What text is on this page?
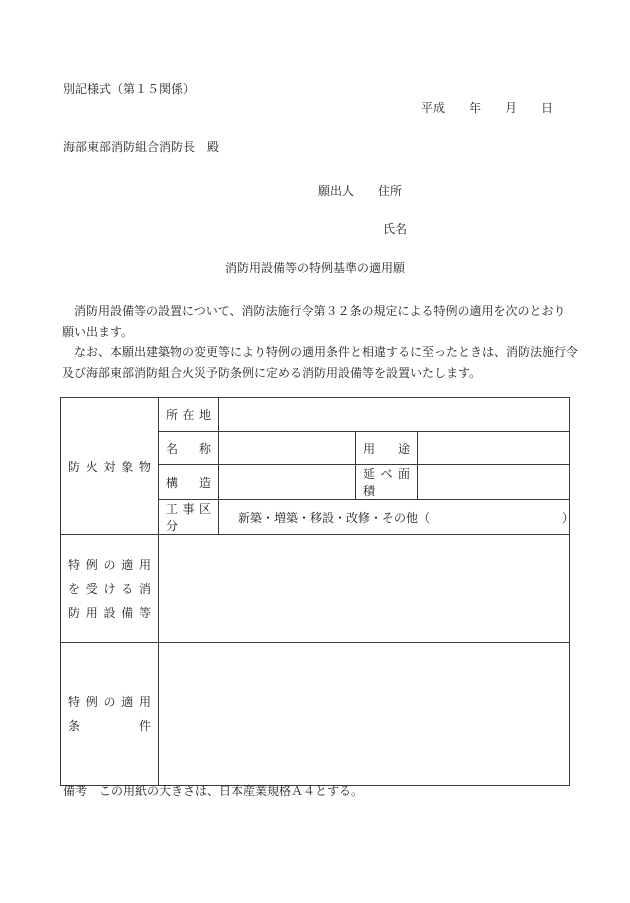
別記様式（第１５関係）
平成　　年　　月　　日
海部東部消防組合消防長　殿
願出人　　住所
氏名
消防用設備等の特例基準の適用願
　消防用設備等の設置について、消防法施行令第３２条の規定による特例の適用を次のとおり
願い出ます。
　なお、本願出建築物の変更等により特例の適用条件と相違するに至ったときは、消防法施行令
及び海部東部消防組合火災予防条例に定める消防用設備等を設置いたします。
防火対象物	所在地			
	名称		用途	
	構造		延べ面積	
	工事区分	新築・増築・移設・改修・その他（　　　　　　　　　　　）		

特例の適用
を受ける消
防用設備等				

特例の適用
条件				

備考　この用紙の大きさは、日本産業規格Ａ４とする。
